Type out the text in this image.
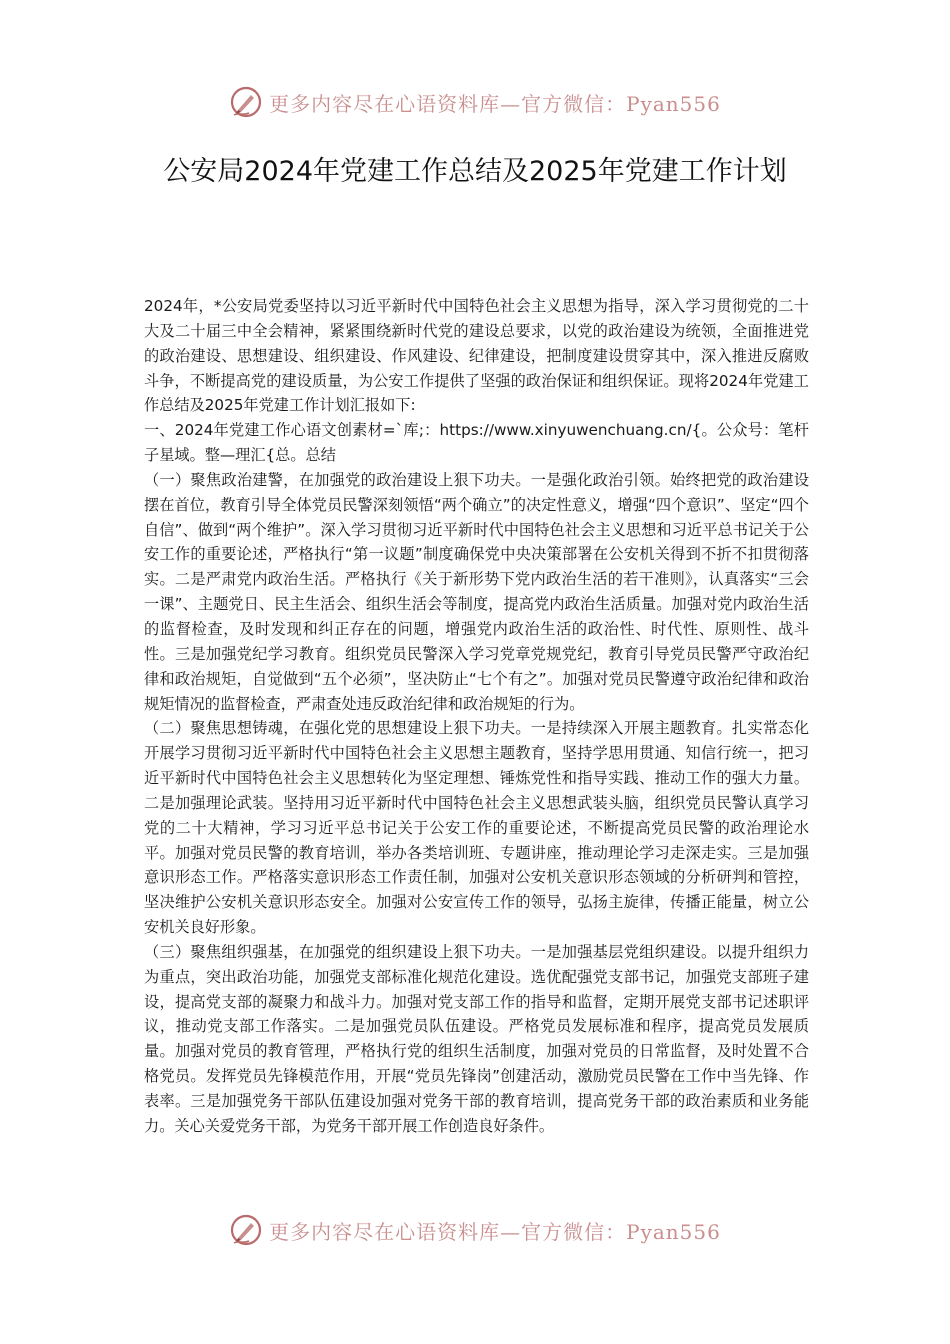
更多内容尽在心语资料库—官方微信：Pyan556
公安局2024年党建工作总结及2025年党建工作计划

2024年，*公安局党委坚持以习近平新时代中国特色社会主义思想为指导，深入学习贯彻党的二十大及二十届三中全会精神，紧紧围绕新时代党的建设总要求，以党的政治建设为统领，全面推进党的政治建设、思想建设、组织建设、作风建设、纪律建设，把制度建设贯穿其中，深入推进反腐败斗争，不断提高党的建设质量，为公安工作提供了坚强的政治保证和组织保证。现将2024年党建工作总结及2025年党建工作计划汇报如下:

一、2024年党建工作心语文创素材=`库;：https://www.xinyuwenchuang.cn/{。公众号：笔杆子星域。整—理汇{总。总结

（一）聚焦政治建警，在加强党的政治建设上狠下功夫。一是强化政治引领。始终把党的政治建设摆在首位，教育引导全体党员民警深刻领悟“两个确立”的决定性意义，增强“四个意识”、坚定“四个自信”、做到“两个维护”。深入学习贯彻习近平新时代中国特色社会主义思想和习近平总书记关于公安工作的重要论述，严格执行“第一议题”制度确保党中央决策部署在公安机关得到不折不扣贯彻落实。二是严肃党内政治生活。严格执行《关于新形势下党内政治生活的若干准则》，认真落实“三会一课”、主题党日、民主生活会、组织生活会等制度，提高党内政治生活质量。加强对党内政治生活的监督检查，及时发现和纠正存在的问题，增强党内政治生活的政治性、时代性、原则性、战斗性。三是加强党纪学习教育。组织党员民警深入学习党章党规党纪，教育引导党员民警严守政治纪律和政治规矩，自觉做到“五个必须”，坚决防止“七个有之”。加强对党员民警遵守政治纪律和政治规矩情况的监督检查，严肃查处违反政治纪律和政治规矩的行为。

（二）聚焦思想铸魂，在强化党的思想建设上狠下功夫。一是持续深入开展主题教育。扎实常态化开展学习贯彻习近平新时代中国特色社会主义思想主题教育，坚持学思用贯通、知信行统一，把习近平新时代中国特色社会主义思想转化为坚定理想、锤炼党性和指导实践、推动工作的强大力量。二是加强理论武装。坚持用习近平新时代中国特色社会主义思想武装头脑，组织党员民警认真学习党的二十大精神，学习习近平总书记关于公安工作的重要论述，不断提高党员民警的政治理论水平。加强对党员民警的教育培训，举办各类培训班、专题讲座，推动理论学习走深走实。三是加强意识形态工作。严格落实意识形态工作责任制，加强对公安机关意识形态领域的分析研判和管控，坚决维护公安机关意识形态安全。加强对公安宣传工作的领导，弘扬主旋律，传播正能量，树立公安机关良好形象。

（三）聚焦组织强基，在加强党的组织建设上狠下功夫。一是加强基层党组织建设。以提升组织力为重点，突出政治功能，加强党支部标准化规范化建设。选优配强党支部书记，加强党支部班子建设，提高党支部的凝聚力和战斗力。加强对党支部工作的指导和监督，定期开展党支部书记述职评议，推动党支部工作落实。二是加强党员队伍建设。严格党员发展标准和程序，提高党员发展质量。加强对党员的教育管理，严格执行党的组织生活制度，加强对党员的日常监督，及时处置不合格党员。发挥党员先锋模范作用，开展“党员先锋岗”创建活动，激励党员民警在工作中当先锋、作表率。三是加强党务干部队伍建设加强对党务干部的教育培训，提高党务干部的政治素质和业务能力。关心关爱党务干部，为党务干部开展工作创造良好条件。

更多内容尽在心语资料库—官方微信：Pyan556
